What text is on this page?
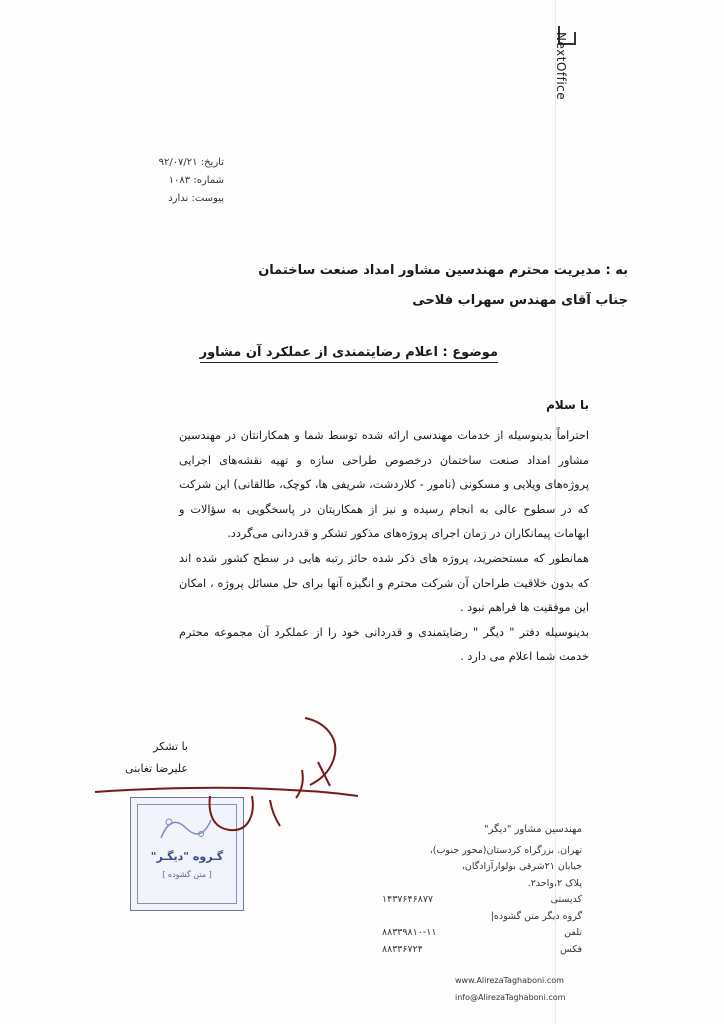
NextOffice
تاریخ: ۹۲/۰۷/۲۱
شماره: ۱۰۸۳
پیوست: ندارد
به : مدیریت محترم مهندسین مشاور امداد صنعت ساختمان
جناب آقای مهندس سهراب فلاحی
موضوع : اعلام رضایتمندی از عملکرد آن مشاور
با سلام

احتراماً بدینوسیله از خدمات مهندسی ارائه شده توسط شما و همکارانتان در مهندسین مشاور امداد صنعت ساختمان درخصوص طراحی سازه و تهیه نقشه‌های اجرایی پروژه‌های ویلایی و مسکونی (نامور - کلاردشت، شریفی ها، کوچک، طالقانی) این شرکت که در سطوح عالی به انجام رسیده و نیز از همکاریتان در پاسخگویی به سؤالات و ابهامات پیمانکاران در زمان اجرای پروژه‌های مذکور تشکر و قدردانی می‌گردد.

همانطور که مستحضرید، پروژه های ذکر شده حائز رتبه هایی در سطح کشور شده اند که بدون خلاقیت طراحان آن شرکت محترم و انگیزه آنها برای حل مسائل پروژه ، امکان این موفقیت ها فراهم نبود .

بدینوسیله دفتر " دیگر " رضایتمندی و قدردانی خود را از عملکرد آن مجموعه محترم خدمت شما اعلام می دارد .

با تشکر
علیرضا تغابنی
گـروه "دیگـر"
[ متن گشوده ]
مهندسین مشاور "دیگر"
تهران. بزرگراه کردستان(محور جنوب)،
خیابان ۲۱شرقی بولوارآزادگان،
پلاک ۲،واحد۲.
کدپستی
۱۴۳۷۶۴۶۸۷۷
گروه دیگر متن گشوده|
تلفن
۸۸۳۳۹۸۱۰-۱۱
فکس
۸۸۳۳۶۷۲۴
www.AlirezaTaghaboni.com
info@AlirezaTaghaboni.com
